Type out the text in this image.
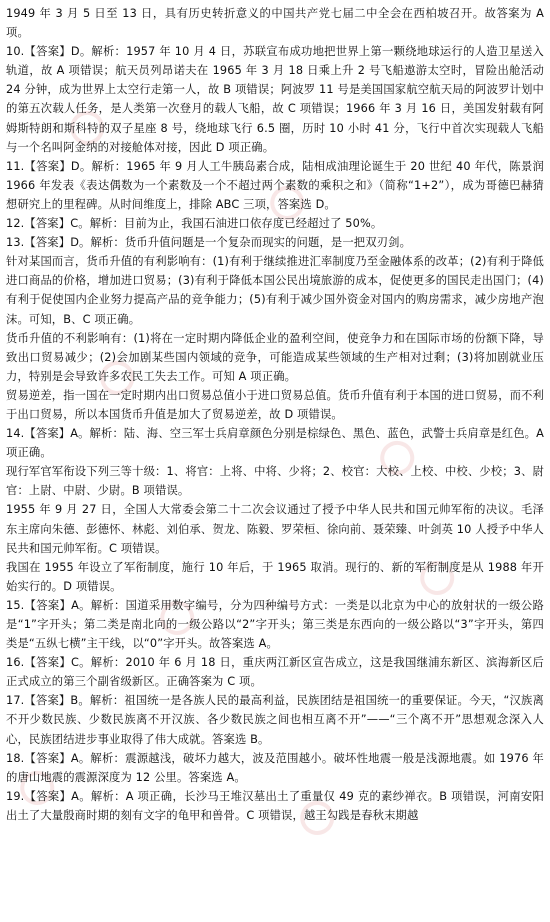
1949 年 3 月 5 日至 13 日，具有历史转折意义的中国共产党七届二中全会在西柏坡召开。故答案为 A 项。

10.【答案】D。解析：1957 年 10 月 4 日，苏联宣布成功地把世界上第一颗绕地球运行的人造卫星送入轨道，故 A 项错误；航天员列昂诺夫在 1965 年 3 月 18 日乘上升 2 号飞船遨游太空时，冒险出舱活动 24 分钟，成为世界上太空行走第一人，故 B 项错误；阿波罗 11 号是美国国家航空航天局的阿波罗计划中的第五次载人任务，是人类第一次登月的载人飞船，故 C 项错误；1966 年 3 月 16 日，美国发射载有阿姆斯特朗和斯科特的双子星座 8 号，绕地球飞行 6.5 圈，历时 10 小时 41 分，飞行中首次实现载人飞船与一个名叫阿金纳的对接舱体对接，因此 D 项正确。

11.【答案】D。解析：1965 年 9 月人工牛胰岛素合成，陆相成油理论诞生于 20 世纪 40 年代，陈景润 1966 年发表《表达偶数为一个素数及一个不超过两个素数的乘积之和》（简称“1+2”），成为哥德巴赫猜想研究上的里程碑。从时间维度上，排除 ABC 三项，答案选 D。

12.【答案】C。解析：目前为止，我国石油进口依存度已经超过了 50%。

13.【答案】D。解析：货币升值问题是一个复杂而现实的问题，是一把双刃剑。

针对某国而言，货币升值的有利影响有：(1)有利于继续推进汇率制度乃至金融体系的改革；(2)有利于降低进口商品的价格，增加进口贸易；(3)有利于降低本国公民出境旅游的成本，促使更多的国民走出国门；(4)有利于促使国内企业努力提高产品的竞争能力；(5)有利于减少国外资金对国内的购房需求，减少房地产泡沫。可知，B、C 项正确。

货币升值的不利影响有：(1)将在一定时期内降低企业的盈利空间，使竞争力和在国际市场的份额下降，导致出口贸易减少；(2)会加剧某些国内领域的竞争，可能造成某些领域的生产相对过剩；(3)将加剧就业压力，特别是会导致许多农民工失去工作。可知 A 项正确。

贸易逆差，指一国在一定时期内出口贸易总值小于进口贸易总值。货币升值有利于本国的进口贸易，而不利于出口贸易，所以本国货币升值是加大了贸易逆差，故 D 项错误。

14.【答案】A。解析：陆、海、空三军士兵肩章颜色分别是棕绿色、黑色、蓝色，武警士兵肩章是红色。A 项正确。

现行军官军衔设下列三等十级：1、将官：上将、中将、少将；2、校官：大校、上校、中校、少校；3、尉官：上尉、中尉、少尉。B 项错误。

1955 年 9 月 27 日，全国人大常委会第二十二次会议通过了授予中华人民共和国元帅军衔的决议。毛泽东主席向朱德、彭德怀、林彪、刘伯承、贺龙、陈毅、罗荣桓、徐向前、聂荣臻、叶剑英 10 人授予中华人民共和国元帅军衔。C 项错误。

我国在 1955 年设立了军衔制度，施行 10 年后，于 1965 取消。现行的、新的军衔制度是从 1988 年开始实行的。D 项错误。

15.【答案】A。解析：国道采用数字编号，分为四种编号方式：一类是以北京为中心的放射状的一级公路是“1”字开头；第二类是南北向的一级公路以“2”字开头；第三类是东西向的一级公路以“3”字开头，第四类是“五纵七横”主干线，以“0”字开头。故答案选 A。

16.【答案】C。解析：2010 年 6 月 18 日，重庆两江新区宣告成立，这是我国继浦东新区、滨海新区后正式成立的第三个副省级新区。正确答案为 C 项。

17.【答案】B。解析：祖国统一是各族人民的最高利益，民族团结是祖国统一的重要保证。今天，“汉族离不开少数民族、少数民族离不开汉族、各少数民族之间也相互离不开”——“三个离不开”思想观念深入人心，民族团结进步事业取得了伟大成就。答案选 B。

18.【答案】A。解析：震源越浅，破坏力越大，波及范围越小。破坏性地震一般是浅源地震。如 1976 年的唐山地震的震源深度为 12 公里。答案选 A。

19.【答案】A。解析：A 项正确，长沙马王堆汉墓出土了重量仅 49 克的素纱禅衣。B 项错误，河南安阳出土了大量殷商时期的刻有文字的龟甲和兽骨。C 项错误，越王勾践是春秋末期越
